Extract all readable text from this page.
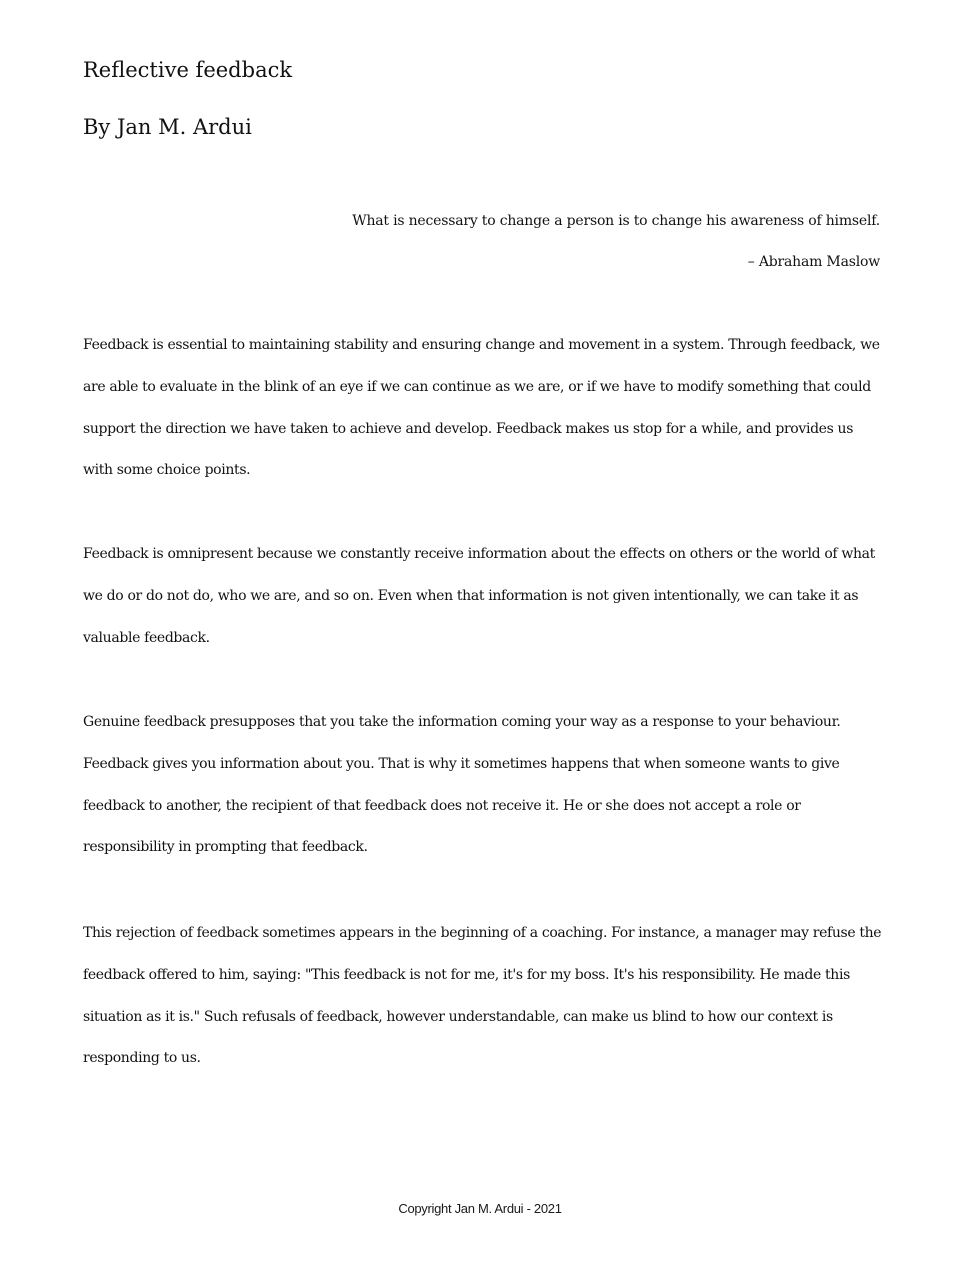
Reflective feedback
By Jan M. Ardui
What is necessary to change a person is to change his awareness of himself.
– Abraham Maslow

Feedback is essential to maintaining stability and ensuring change and movement in a system. Through feedback, we are able to evaluate in the blink of an eye if we can continue as we are, or if we have to modify something that could support the direction we have taken to achieve and develop. Feedback makes us stop for a while, and provides us with some choice points.

Feedback is omnipresent because we constantly receive information about the effects on others or the world of what we do or do not do, who we are, and so on. Even when that information is not given intentionally, we can take it as valuable feedback.

Genuine feedback presupposes that you take the information coming your way as a response to your behaviour. Feedback gives you information about you. That is why it sometimes happens that when someone wants to give feedback to another, the recipient of that feedback does not receive it. He or she does not accept a role or responsibility in prompting that feedback.

This rejection of feedback sometimes appears in the beginning of a coaching. For instance, a manager may refuse the feedback offered to him, saying: "This feedback is not for me, it's for my boss. It's his responsibility. He made this situation as it is." Such refusals of feedback, however understandable, can make us blind to how our context is responding to us.

Copyright Jan M. Ardui - 2021
